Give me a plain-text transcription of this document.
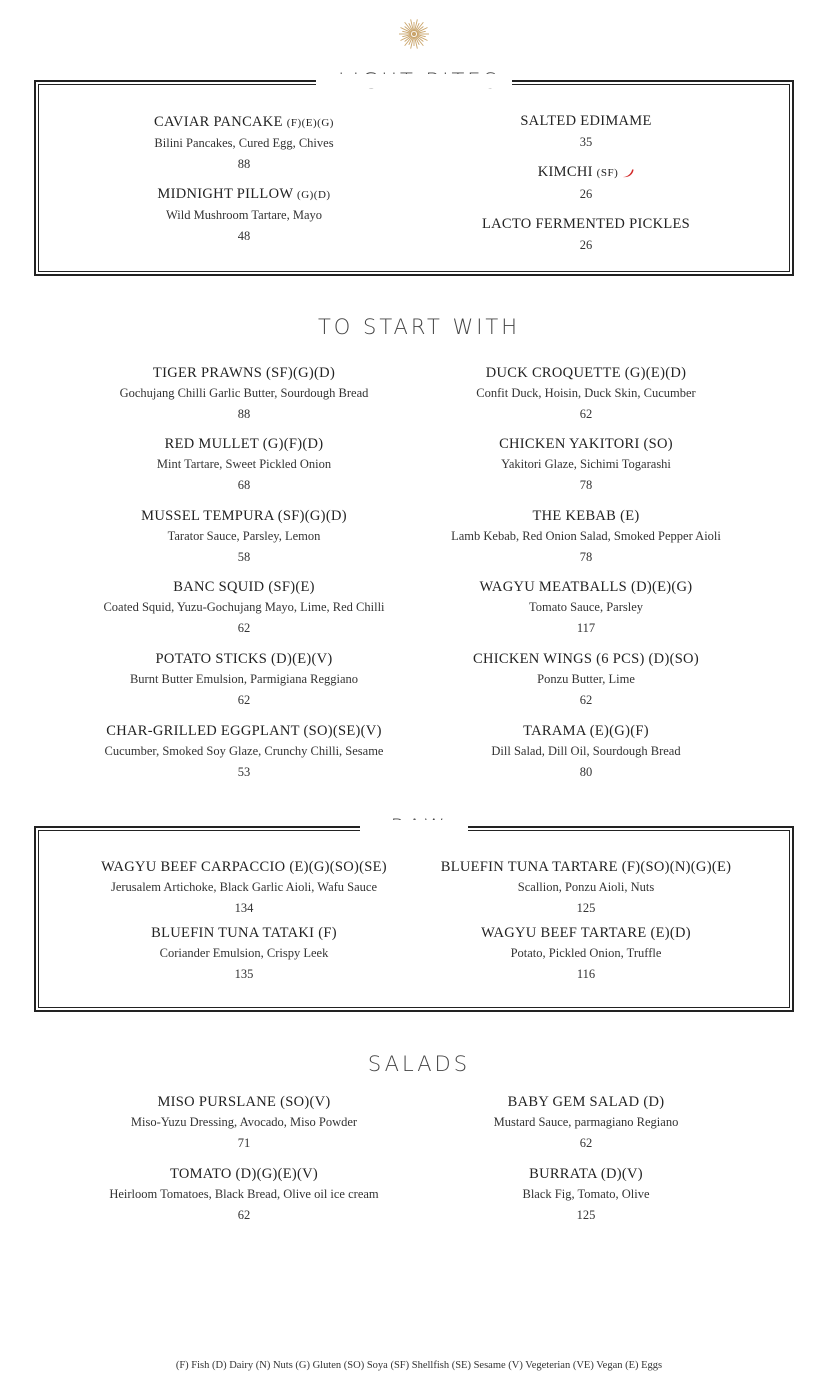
CAVIAR PANCAKE (F)(E)(G)
Bilini Pancakes, Cured Egg, Chives
88
MIDNIGHT PILLOW (G)(D)
Wild Mushroom Tartare, Mayo
48
SALTED EDIMAME
35
KIMCHI (SF)
26
LACTO FERMENTED PICKLES
26
TO START WITH
TIGER PRAWNS (SF)(G)(D)
Gochujang Chilli Garlic Butter, Sourdough Bread
88
RED MULLET (G)(F)(D)
Mint Tartare, Sweet Pickled Onion
68
MUSSEL TEMPURA (SF)(G)(D)
Tarator Sauce, Parsley, Lemon
58
BANC SQUID (SF)(E)
Coated Squid, Yuzu-Gochujang Mayo, Lime, Red Chilli
62
POTATO STICKS (D)(E)(V)
Burnt Butter Emulsion, Parmigiana Reggiano
62
CHAR-GRILLED EGGPLANT (SO)(SE)(V)
Cucumber, Smoked Soy Glaze, Crunchy Chilli, Sesame
53
DUCK CROQUETTE (G)(E)(D)
Confit Duck, Hoisin, Duck Skin, Cucumber
62
CHICKEN YAKITORI (SO)
Yakitori Glaze, Sichimi Togarashi
78
THE KEBAB (E)
Lamb Kebab, Red Onion Salad, Smoked Pepper Aioli
78
WAGYU MEATBALLS (D)(E)(G)
Tomato Sauce, Parsley
117
CHICKEN WINGS (6 PCS) (D)(SO)
Ponzu Butter, Lime
62
TARAMA (E)(G)(F)
Dill Salad, Dill Oil, Sourdough Bread
80
WAGYU BEEF CARPACCIO (E)(G)(SO)(SE)
Jerusalem Artichoke, Black Garlic Aioli, Wafu Sauce
134
BLUEFIN TUNA TATAKI (F)
Coriander Emulsion, Crispy Leek
135
BLUEFIN TUNA TARTARE (F)(SO)(N)(G)(E)
Scallion, Ponzu Aioli, Nuts
125
WAGYU BEEF TARTARE (E)(D)
Potato, Pickled Onion, Truffle
116
SALADS
MISO PURSLANE (SO)(V)
Miso-Yuzu Dressing, Avocado, Miso Powder
71
TOMATO (D)(G)(E)(V)
Heirloom Tomatoes, Black Bread, Olive oil ice cream
62
BABY GEM SALAD (D)
Mustard Sauce, parmagiano Regiano
62
BURRATA (D)(V)
Black Fig, Tomato, Olive
125
(F) Fish (D) Dairy (N) Nuts (G) Gluten (SO) Soya (SF) Shellfish (SE) Sesame (V) Vegeterian (VE) Vegan (E) Eggs
